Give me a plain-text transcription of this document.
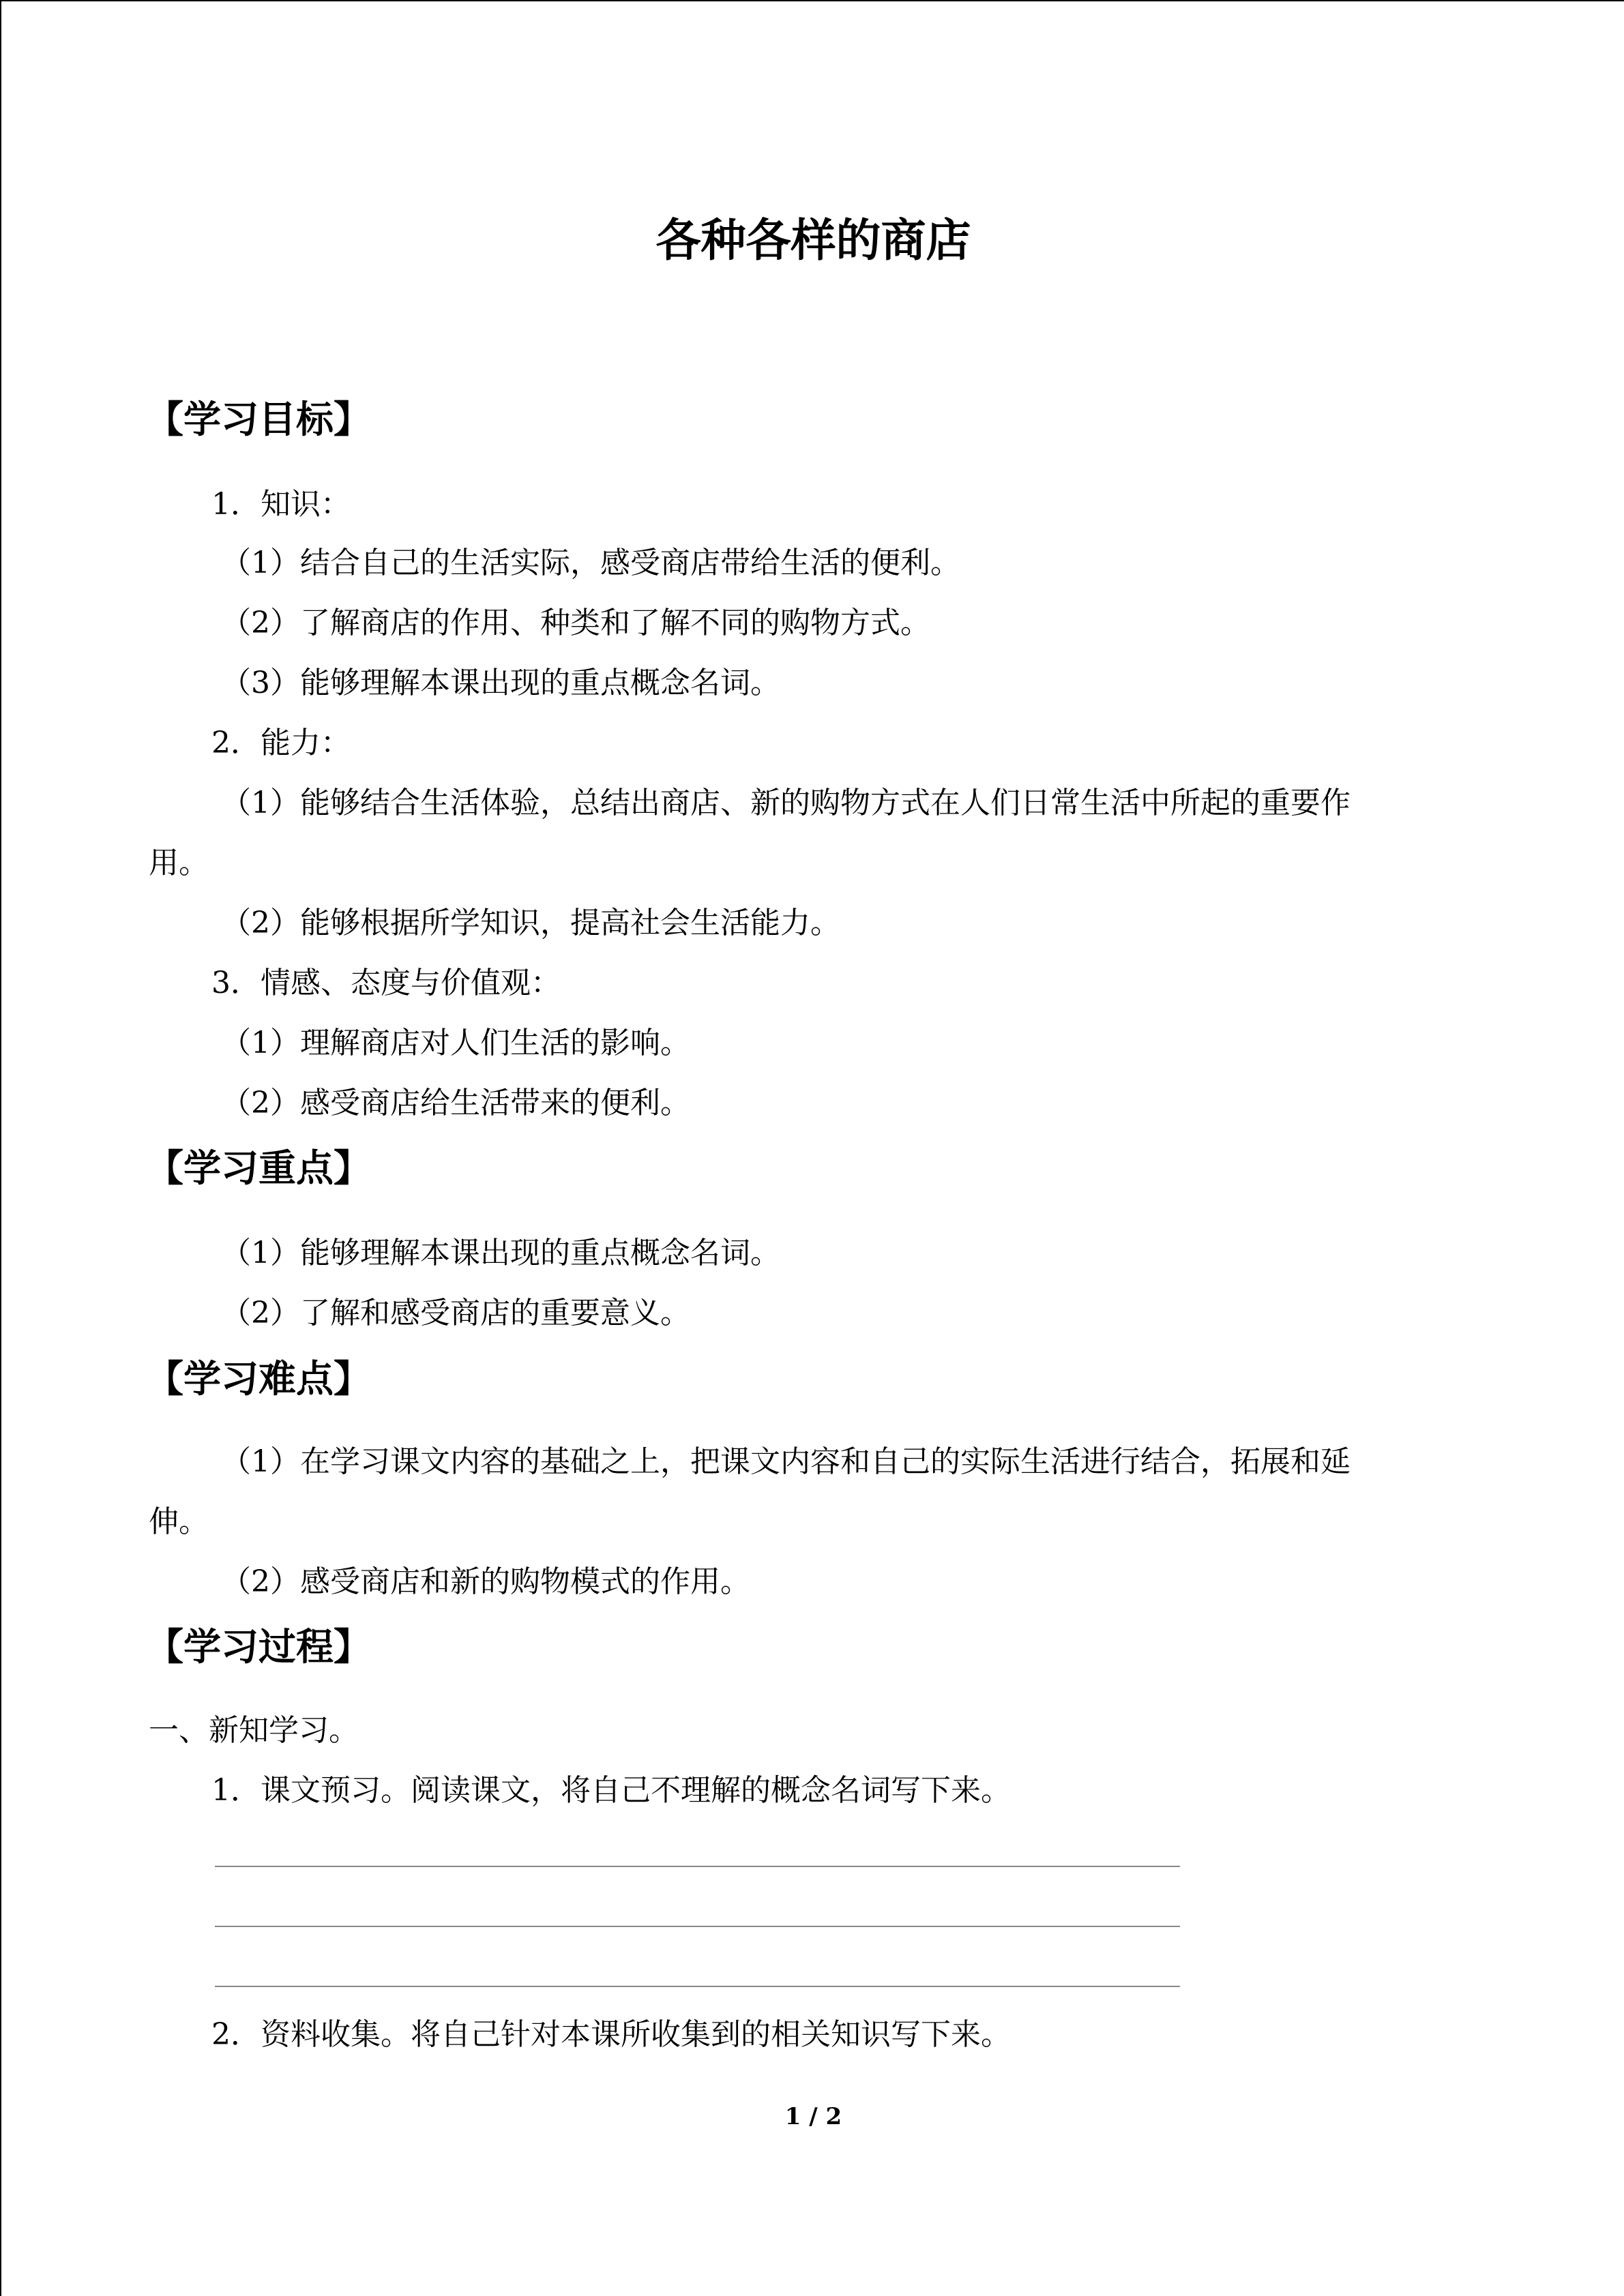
各种各样的商店
【学习目标】
1．知识：
（1）结合自己的生活实际，感受商店带给生活的便利。
（2）了解商店的作用、种类和了解不同的购物方式。
（3）能够理解本课出现的重点概念名词。
2．能力：
（1）能够结合生活体验，总结出商店、新的购物方式在人们日常生活中所起的重要作
用。
（2）能够根据所学知识，提高社会生活能力。
3．情感、态度与价值观：
（1）理解商店对人们生活的影响。
（2）感受商店给生活带来的便利。
【学习重点】
（1）能够理解本课出现的重点概念名词。
（2）了解和感受商店的重要意义。
【学习难点】
（1）在学习课文内容的基础之上，把课文内容和自己的实际生活进行结合，拓展和延
伸。
（2）感受商店和新的购物模式的作用。
【学习过程】
一、新知学习。
1．课文预习。阅读课文，将自己不理解的概念名词写下来。
2．资料收集。将自己针对本课所收集到的相关知识写下来。
1 / 2
